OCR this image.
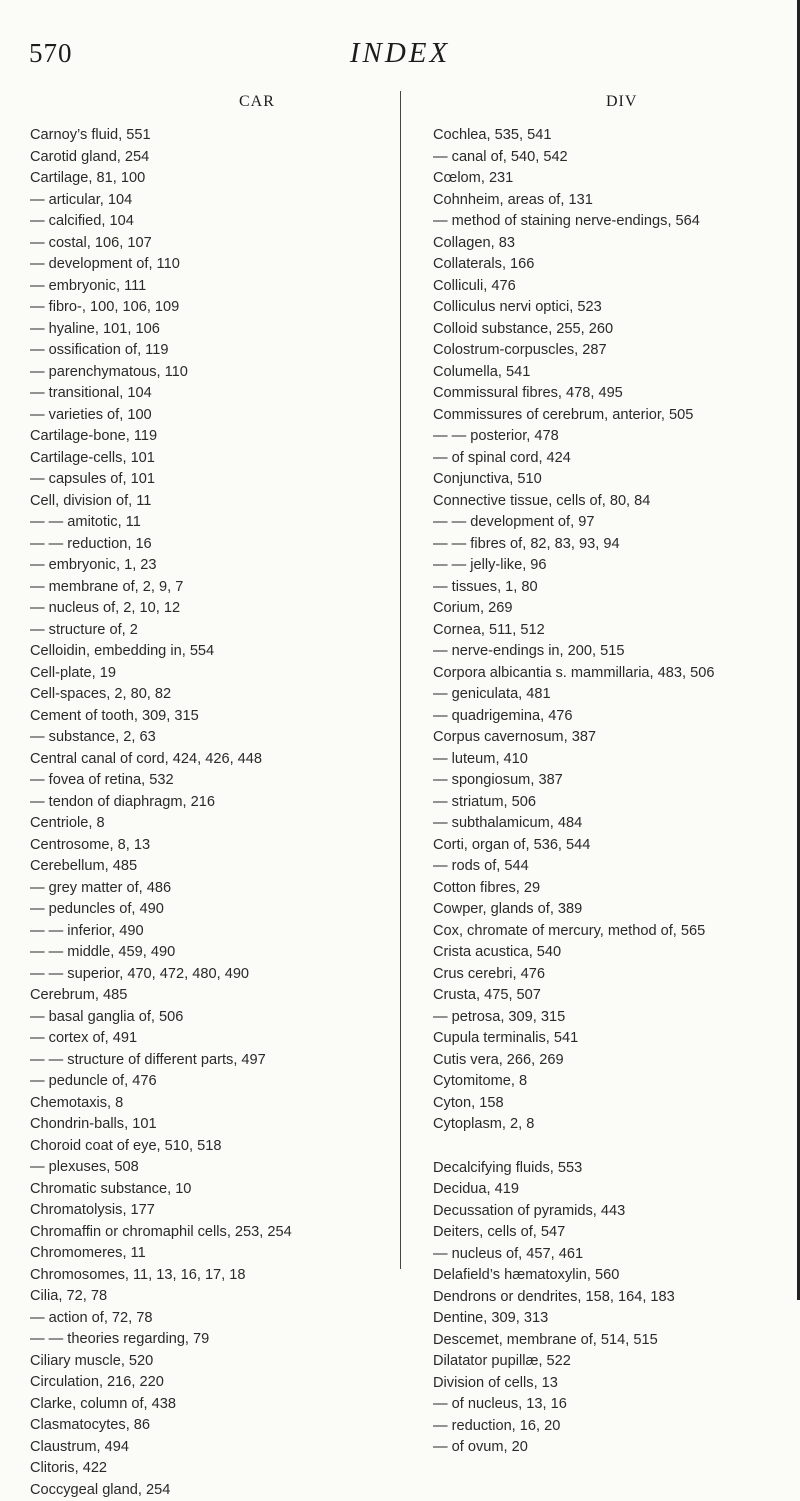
570	INDEX
CAR	DIV
Carnoy’s fluid, 551
Carotid gland, 254
Cartilage, 81, 100
— articular, 104
— calcified, 104
— costal, 106, 107
— development of, 110
— embryonic, 111
— fibro-, 100, 106, 109
— hyaline, 101, 106
— ossification of, 119
— parenchymatous, 110
— transitional, 104
— varieties of, 100
Cartilage-bone, 119
Cartilage-cells, 101
— capsules of, 101
Cell, division of, 11
— — amitotic, 11
— — reduction, 16
— embryonic, 1, 23
— membrane of, 2, 9, 7
— nucleus of, 2, 10, 12
— structure of, 2
Celloidin, embedding in, 554
Cell-plate, 19
Cell-spaces, 2, 80, 82
Cement of tooth, 309, 315
— substance, 2, 63
Central canal of cord, 424, 426, 448
— fovea of retina, 532
— tendon of diaphragm, 216
Centriole, 8
Centrosome, 8, 13
Cerebellum, 485
— grey matter of, 486
— peduncles of, 490
— — inferior, 490
— — middle, 459, 490
— — superior, 470, 472, 480, 490
Cerebrum, 485
— basal ganglia of, 506
— cortex of, 491
— — structure of different parts, 497
— peduncle of, 476
Chemotaxis, 8
Chondrin-balls, 101
Choroid coat of eye, 510, 518
— plexuses, 508
Chromatic substance, 10
Chromatolysis, 177
Chromaffin or chromaphil cells, 253, 254
Chromomeres, 11
Chromosomes, 11, 13, 16, 17, 18
Cilia, 72, 78
— action of, 72, 78
— — theories regarding, 79
Ciliary muscle, 520
Circulation, 216, 220
Clarke, column of, 438
Clasmatocytes, 86
Claustrum, 494
Clitoris, 422
Coccygeal gland, 254
Cochlea, 535, 541
— canal of, 540, 542
Cœlom, 231
Cohnheim, areas of, 131
— method of staining nerve-endings, 564
Collagen, 83
Collaterals, 166
Colliculi, 476
Colliculus nervi optici, 523
Colloid substance, 255, 260
Colostrum-corpuscles, 287
Columella, 541
Commissural fibres, 478, 495
Commissures of cerebrum, anterior, 505
— — posterior, 478
— of spinal cord, 424
Conjunctiva, 510
Connective tissue, cells of, 80, 84
— — development of, 97
— — fibres of, 82, 83, 93, 94
— — jelly-like, 96
— tissues, 1, 80
Corium, 269
Cornea, 511, 512
— nerve-endings in, 200, 515
Corpora albicantia s. mammillaria, 483, 506
— geniculata, 481
— quadrigemina, 476
Corpus cavernosum, 387
— luteum, 410
— spongiosum, 387
— striatum, 506
— subthalamicum, 484
Corti, organ of, 536, 544
— rods of, 544
Cotton fibres, 29
Cowper, glands of, 389
Cox, chromate of mercury, method of, 565
Crista acustica, 540
Crus cerebri, 476
Crusta, 475, 507
— petrosa, 309, 315
Cupula terminalis, 541
Cutis vera, 266, 269
Cytomitome, 8
Cyton, 158
Cytoplasm, 2, 8
Decalcifying fluids, 553
Decidua, 419
Decussation of pyramids, 443
Deiters, cells of, 547
— nucleus of, 457, 461
Delafield’s hæmatoxylin, 560
Dendrons or dendrites, 158, 164, 183
Dentine, 309, 313
Descemet, membrane of, 514, 515
Dilatator pupillæ, 522
Division of cells, 13
— of nucleus, 13, 16
— reduction, 16, 20
— of ovum, 20
